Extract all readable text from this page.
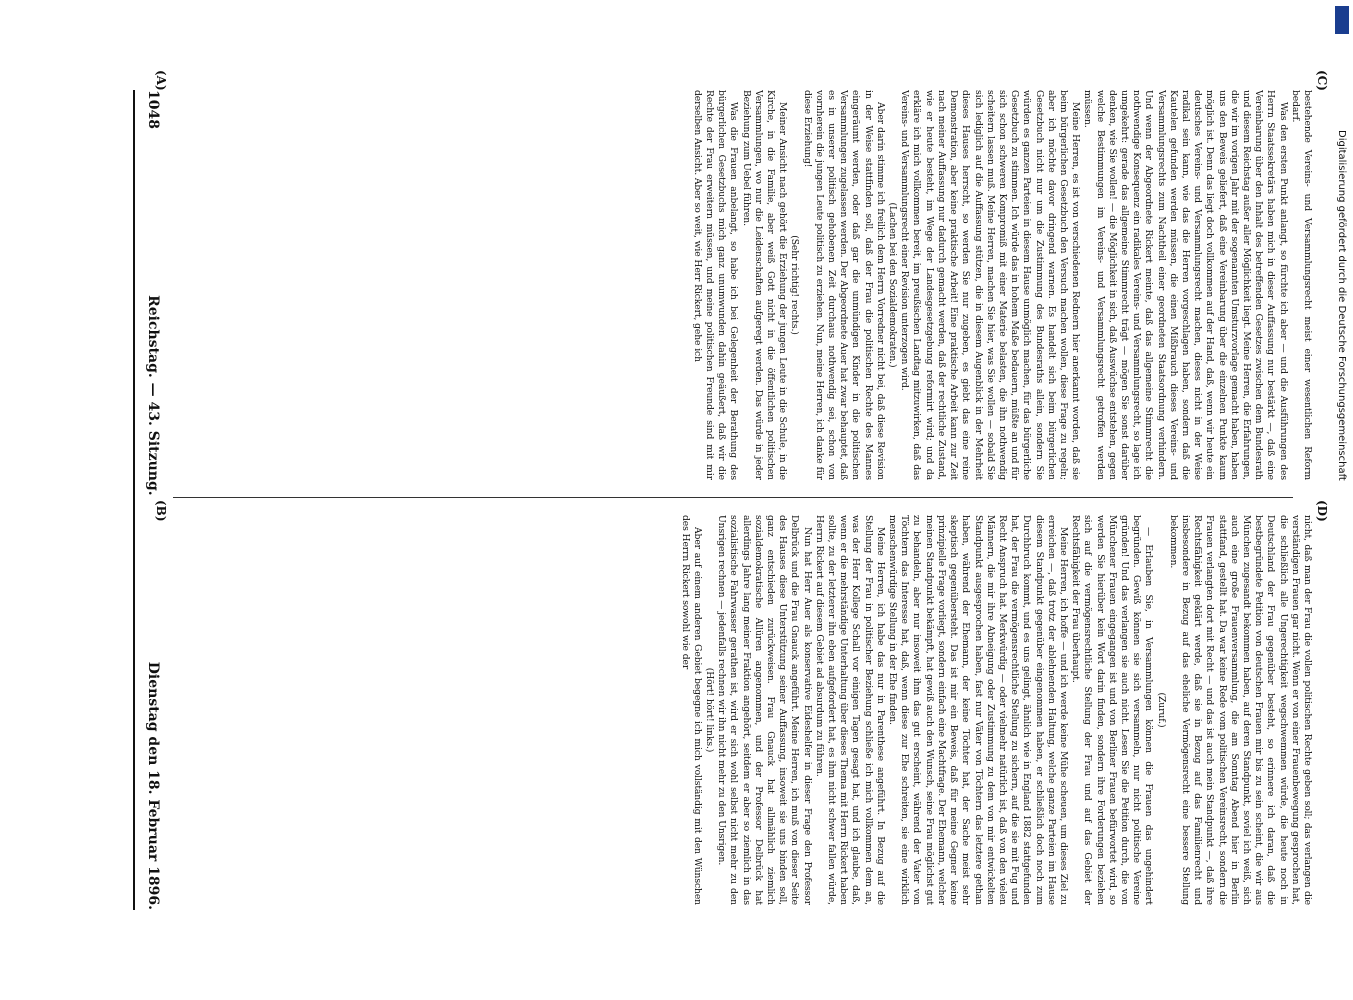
Digitalisierung gefördert durch die Deutsche Forschungsgemeinschaft
1048
Reichstag. — 43. Sitzung.
Dienstag den 18. Februar 1896.

bestehende Vereins- und Versammlungsrecht meist einer wesentlichen Reform bedarf.

Was den ersten Punkt anlangt, so fürchte ich aber — und die Ausführungen des Herrn Staatssekretärs haben mich in dieser Auffassung nur bestärkt —, daß eine Vereinbarung über den Inhalt des betreffenden Gesetzes zwischen dem Bundesrath und diesem Reichstag außer aller Möglichkeit liegt. Meine Herren, die Erfahrungen, die wir im vorigen Jahr mit der sogenannten Umsturzvorlage gemacht haben, haben uns den Beweis geliefert, daß eine Vereinbarung über die einzelnen Punkte kaum möglich ist. Denn das liegt doch vollkommen auf der Hand, daß, wenn wir heute ein deutsches Vereins- und Versammlungsrecht machen, dieses nicht in der Weise radikal sein kann, wie das die Herren vorgeschlagen haben, sondern daß die Kautelen gefunden werden müssen, die einen Mißbrauch dieses Vereins- und Versammlungsrechts zum Nachtheil einer geordneten Staatsordnung verhindern. Und wenn der Abgeordnete Rickert meinte, daß das allgemeine Stimmrecht die nothwendige Konsequenz ein radikales Vereins- und Versammlungsrecht, so lage ich umgekehrt: gerade das allgemeine Stimmrecht trägt — mögen Sie sonst darüber denken, wie Sie wollen! — die Möglichkeit in sich, daß Auswüchse entstehen, gegen welche Bestimmungen im Vereins- und Versammlungsrecht getroffen werden müssen.

Meine Herren, es ist von verschiedenen Rednern hier anerkannt worden, daß sie beim bürgerlichen Gesetzbuch den Versuch machen wollen, diese Frage zu regeln; aber ich möchte davor dringend warnen. Es handelt sich beim bürgerlichen Gesetzbuch nicht nur um die Zustimmung des Bundesraths allein, sondern Sie würden es ganzen Parteien in diesem Hause unmöglich machen, für das bürgerliche Gesetzbuch zu stimmen. Ich würde das in hohem Maße bedauern, müßte an und für sich schon schweren Kompromiß mit einer Materie belasten, die ihn nothwendig scheitern lassen muß. Meine Herren, machen Sie hier, was Sie wollen — sobald Sie sich lediglich auf die Auffassung stützen, die in diesem Augenblick in der Mehrheit dieses Hauses herrscht, so werden Sie nur zugeben, es giebt das eine reine Demonstration, aber keine praktische Arbeit! Eine praktische Arbeit kann zur Zeit nach meiner Auffassung nur dadurch gemacht werden, daß der rechtliche Zustand, wie er heute besteht, im Wege der Landesgesetzgebung reformirt wird; und da erkläre ich mich vollkommen bereit, im preußischen Landtag mitzuwirken, daß das Vereins- und Versammlungsrecht einer Revision unterzogen wird.

(Lachen bei den Sozialdemokraten.)

Aber darin stimme ich freilich dem Herrn Vorredner nicht bei, daß diese Revision in der Weise stattfinden soll, daß der Frau die politischen Rechte des Mannes eingeräumt werden, oder daß gar die unmündigen Kinder in die politischen Versammlungen zugelassen werden. Der Abgeordnete Auer hat zwar behauptet, daß es in unserer politisch gehobenen Zeit durchaus nothwendig sei, schon von vornherein die jungen Leute politisch zu erziehen. Nun, meine Herren, ich danke für diese Erziehung!

(Sehr richtig! rechts.)

Meiner Ansicht nach gehört die Erziehung der jungen Leute in die Schule, in die Kirche, in die Familie, aber weiß Gott nicht in die öffentlichen politischen Versammlungen, wo nur die Leidenschaften aufgeregt werden. Das würde in jeder Beziehung zum Uebel führen.

Was die Frauen anbelangt, so habe ich bei Gelegenheit der Berathung des bürgerlichen Gesetzbuchs mich ganz unumwunden dahin geäußert, daß wir die Rechte der Frau erweitern müssen, und meine politischen Freunde sind mit mir derselben Ansicht. Aber so weit, wie Herr Rickert, gehe ich

nicht, daß man der Frau die vollen politischen Rechte geben soll; das verlangen die verständigen Frauen gar nicht. Wenn er von einer Frauenbewegung gesprochen hat, die schließlich alle Ungerechtigkeit wegschwemmen würde, die heute noch in Deutschland der Frau gegenüber besteht, so erinnere ich daran, daß die bestbegründete Petition von deutschen Frauen mir bis zu sein scheint, die wir aus München zugesandt bekommen haben, auf deren Standpunkt, soviel ich weiß, sich auch eine große Frauenversammlung, die am Sonntag Abend hier in Berlin stattfand, gestellt hat. Da war keine Rede vom politischen Vereinsrecht, sondern die Frauen verlangten dort mit Recht — und das ist auch mein Standpunkt —, daß ihre Rechtsfähigkeit geklärt werde, daß sie in Bezug auf das Familienrecht und insbesondere in Bezug auf das eheliche Vermögensrecht eine bessere Stellung bekommen.

(Zuruf.)

— Erlauben Sie, in Versammlungen können die Frauen das ungehindert begründen. Gewiß können sie sich versammeln, nur nicht politische Vereine gründen! Und das verlangen sie auch nicht. Lesen Sie die Petition durch, die von Münchener Frauen eingegangen ist und von Berliner Frauen befürwortet wird, so werden Sie hierüber kein Wort darin finden, sondern ihre Forderungen beziehen sich auf die vermögensrechtliche Stellung der Frau und auf das Gebiet der Rechtsfähigkeit der Frau überhaupt.

Meine Herren, ich hoffe — und ich werde keine Mühe scheuen, um dieses Ziel zu erreichen —, daß trotz der ablehnenden Haltung, welche ganze Parteien im Hause diesem Standpunkt gegenüber eingenommen haben, er schließlich doch noch zum Durchbruch kommt, und es uns gelingt, ähnlich wie in England 1882 stattgefunden hat, der Frau die vermögensrechtliche Stellung zu sichern, auf die sie mit Fug und Recht Anspruch hat. Merkwürdig — oder vielmehr natürlich ist, daß von den vielen Männern, die mir ihre Abneigung oder Zustimmung zu dem von mir entwickelten Standpunkt ausgesprochen haben, fast nur Väter von Töchtern das letztere gethan haben, während der Ehemann, der keine Töchter hat, der Sache meist sehr skeptisch gegenübersteht. Das ist mir ein Beweis, daß für meine Gegner keine prinzipielle Frage vorliegt, sondern einfach eine Machtfrage. Der Ehemann, welcher meinen Standpunkt bekämpft, hat gewiß auch den Wunsch, seine Frau möglichst gut zu behandeln, aber nur insoweit ihm das gut erscheint, während der Vater von Töchtern das Interesse hat, daß, wenn diese zur Ehe schreiten, sie eine wirklich menschenwürdige Stellung in der Ehe finden.

Meine Herren, ich habe das nur in Parenthese angeführt. In Bezug auf die Stellung der Frau in politischer Beziehung schließe ich mich vollkommen dem an, was der Herr Kollege Schall vor einigen Tagen gesagt hat, und ich glaube, daß, wenn er die mehrständige Unterhaltung über dieses Thema mit Herrn Rickert haben sollte, zu der letzterer ihn eben aufgefordert hat, es ihm nicht schwer fallen würde, Herrn Rickert auf diesem Gebiet ad absurdum zu führen.

Nun hat Herr Auer als konservative Eideshelfer in dieser Frage den Professor Delbrück und die Frau Gnauck angeführt. Meine Herren, ich muß von dieser Seite des Hauses diese Unterstützung seiner Auffassung, insoweit sie uns binden soll, ganz entschieden zurückweisen. Frau Gnauck hat allmählich ziemlich sozialdemokratische Allüren angenommen, und der Professor Delbrück hat allerdings Jahre lang meiner Fraktion angehört, seitdem er aber so ziemlich in das sozialistische Fahrwasser gerathen ist, wird er sich wohl selbst nicht mehr zu den Unsrigen rechnen — jedenfalls rechnen wir ihn nicht mehr zu den Unsrigen.

(Hört! hört! links.)

Aber auf einem anderen Gebiet begegne ich mich vollständig mit den Wünschen des Herrn Rickert sowohl wie der

(A)
(B)
(C)
(D)
